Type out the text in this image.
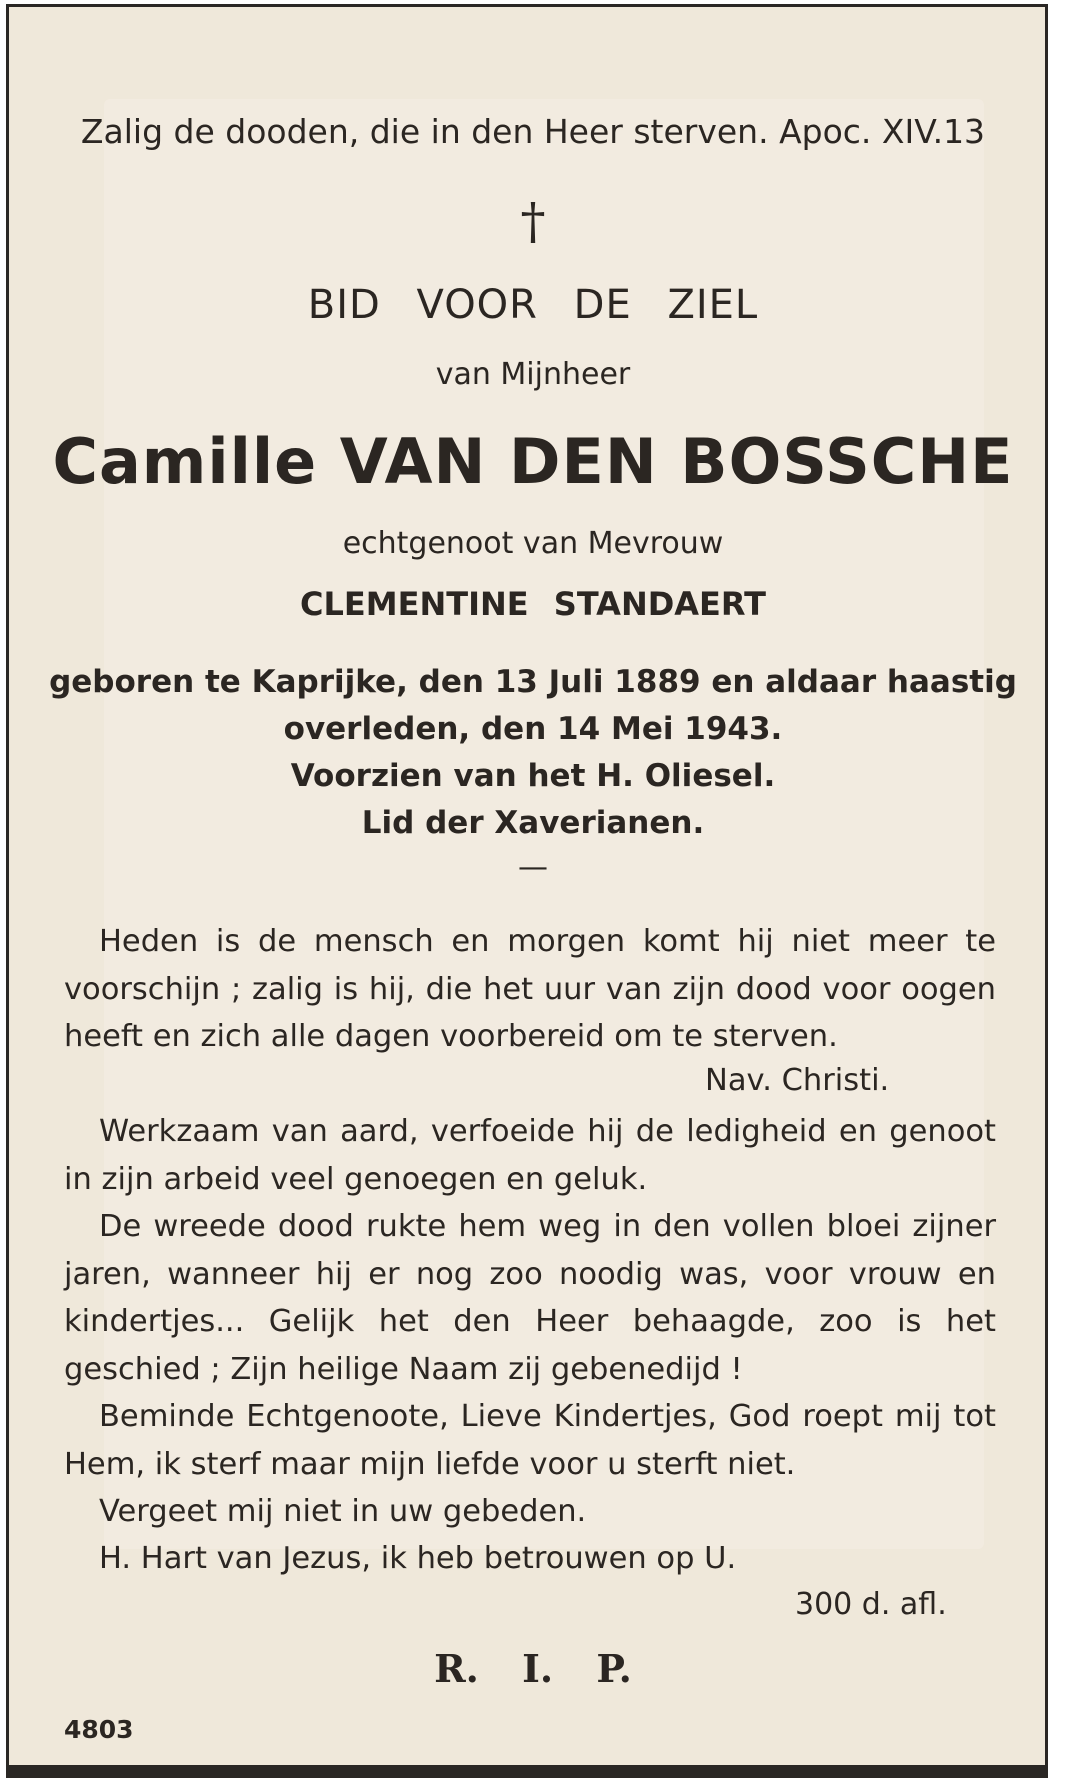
Zalig de dooden, die in den Heer sterven. Apoc. XIV.13
†
BID VOOR DE ZIEL
van Mijnheer
Camille VAN DEN BOSSCHE
echtgenoot van Mevrouw
CLEMENTINE STANDAERT
geboren te Kaprijke, den 13 Juli 1889 en aldaar haastig
overleden, den 14 Mei 1943.
Voorzien van het H. Oliesel.
Lid der Xaverianen.
—

Heden is de mensch en morgen komt hij niet meer te voorschijn ; zalig is hij, die het uur van zijn dood voor oogen heeft en zich alle dagen voorbereid om te sterven.

Nav. Christi.

Werkzaam van aard, verfoeide hij de ledigheid en genoot in zijn arbeid veel genoegen en geluk.

De wreede dood rukte hem weg in den vollen bloei zijner jaren, wanneer hij er nog zoo noodig was, voor vrouw en kindertjes... Gelijk het den Heer behaagde, zoo is het geschied ; Zijn heilige Naam zij gebenedijd !

Beminde Echtgenoote, Lieve Kindertjes, God roept mij tot Hem, ik sterf maar mijn liefde voor u sterft niet.

Vergeet mij niet in uw gebeden.

H. Hart van Jezus, ik heb betrouwen op U.

300 d. afl.
R. I. P.
4803
